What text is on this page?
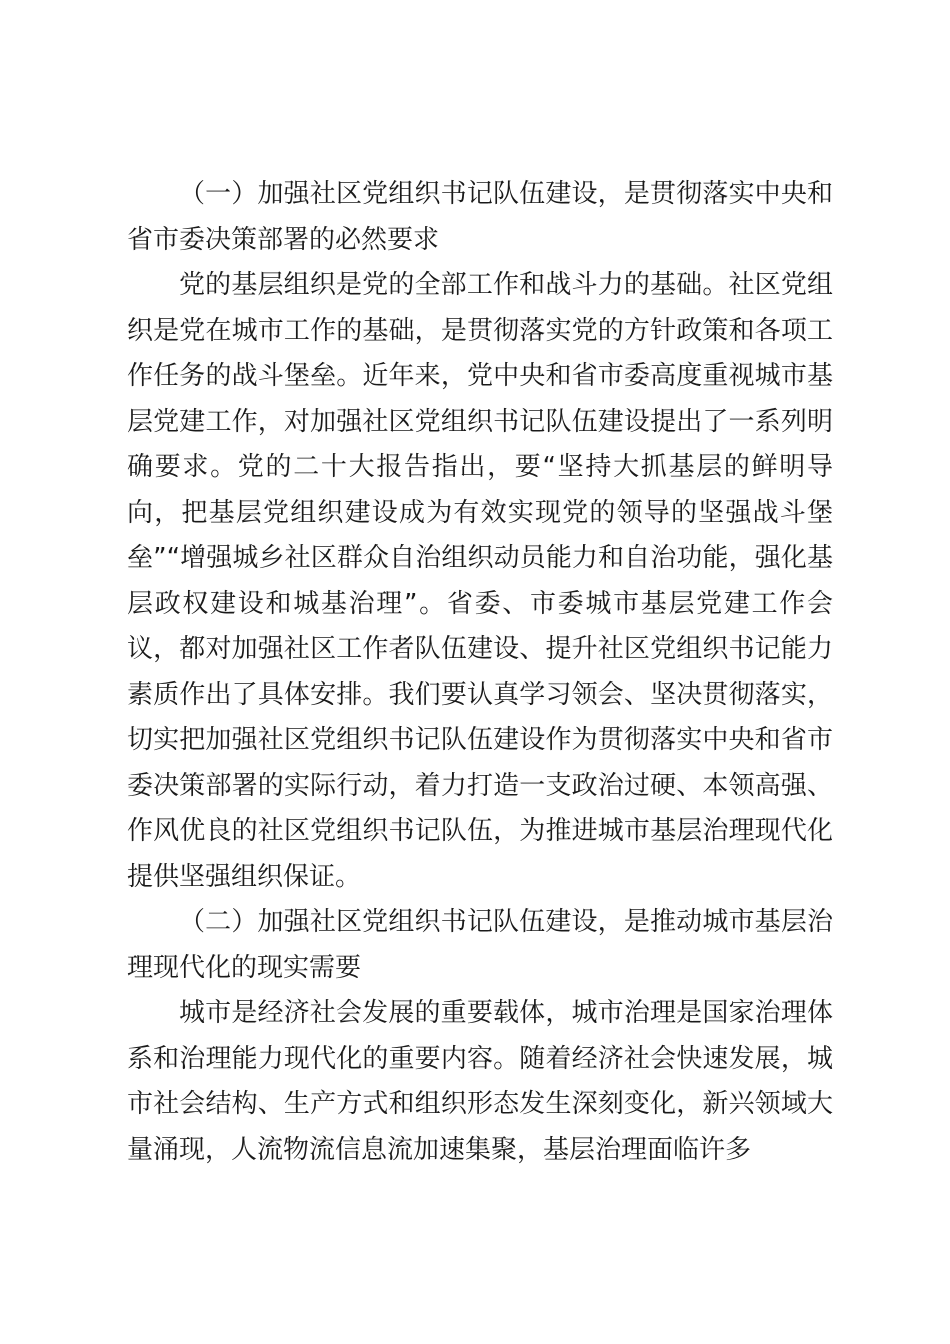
（一）加强社区党组织书记队伍建设，是贯彻落实中央和省市委决策部署的必然要求

党的基层组织是党的全部工作和战斗力的基础。社区党组织是党在城市工作的基础，是贯彻落实党的方针政策和各项工作任务的战斗堡垒。近年来，党中央和省市委高度重视城市基层党建工作，对加强社区党组织书记队伍建设提出了一系列明确要求。党的二十大报告指出，要“坚持大抓基层的鲜明导向，把基层党组织建设成为有效实现党的领导的坚强战斗堡垒”“增强城乡社区群众自治组织动员能力和自治功能，强化基层政权建设和城基治理”。省委、市委城市基层党建工作会议，都对加强社区工作者队伍建设、提升社区党组织书记能力素质作出了具体安排。我们要认真学习领会、坚决贯彻落实，切实把加强社区党组织书记队伍建设作为贯彻落实中央和省市委决策部署的实际行动，着力打造一支政治过硬、本领高强、作风优良的社区党组织书记队伍，为推进城市基层治理现代化提供坚强组织保证。

（二）加强社区党组织书记队伍建设，是推动城市基层治理现代化的现实需要

城市是经济社会发展的重要载体，城市治理是国家治理体系和治理能力现代化的重要内容。随着经济社会快速发展，城市社会结构、生产方式和组织形态发生深刻变化，新兴领域大量涌现，人流物流信息流加速集聚，基层治理面临许多
